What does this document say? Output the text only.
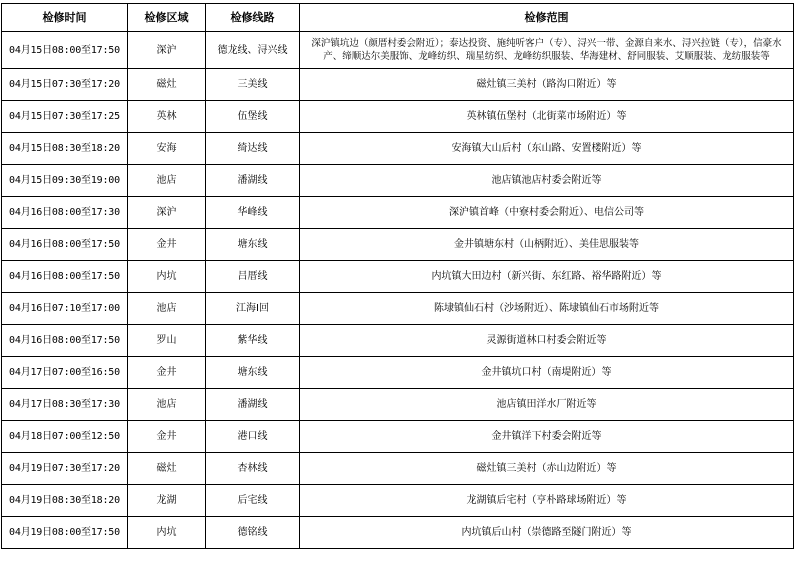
检修时间	检修区域	检修线路	检修范围
04月15日08:00至17:50	深沪	德龙线、浔兴线	深沪镇坑边（颜厝村委会附近）；泰达投资、施纯听客户（专）、浔兴一带、金源自来水、浔兴拉链（专），信豪水产、缔顺达尔美服饰、龙峰纺织、瑞星纺织、龙峰纺织服装、华海建材、舒同服装、艾顺服装、龙纺服装等
04月15日07:30至17:20	磁灶	三美线	磁灶镇三美村（路沟口附近）等
04月15日07:30至17:25	英林	伍堡线	英林镇伍堡村（北街菜市场附近）等
04月15日08:30至18:20	安海	绮达线	安海镇大山后村（东山路、安置楼附近）等
04月15日09:30至19:00	池店	潘湖线	池店镇池店村委会附近等
04月16日08:00至17:30	深沪	华峰线	深沪镇首峰（中寮村委会附近）、电信公司等
04月16日08:00至17:50	金井	塘东线	金井镇塘东村（山柄附近）、美佳思服装等
04月16日08:00至17:50	内坑	吕厝线	内坑镇大田边村（新兴街、东红路、裕华路附近）等
04月16日07:10至17:00	池店	江海Ⅰ回	陈埭镇仙石村（沙场附近）、陈埭镇仙石市场附近等
04月16日08:00至17:50	罗山	紫华线	灵源街道林口村委会附近等
04月17日07:00至16:50	金井	塘东线	金井镇坑口村（南堤附近）等
04月17日08:30至17:30	池店	潘湖线	池店镇田洋水厂附近等
04月18日07:00至12:50	金井	港口线	金井镇洋下村委会附近等
04月19日07:30至17:20	磁灶	杏林线	磁灶镇三美村（赤山边附近）等
04月19日08:30至18:20	龙湖	后宅线	龙湖镇后宅村（亨朴路球场附近）等
04月19日08:00至17:50	内坑	德铭线	内坑镇后山村（崇德路至隧门附近）等
